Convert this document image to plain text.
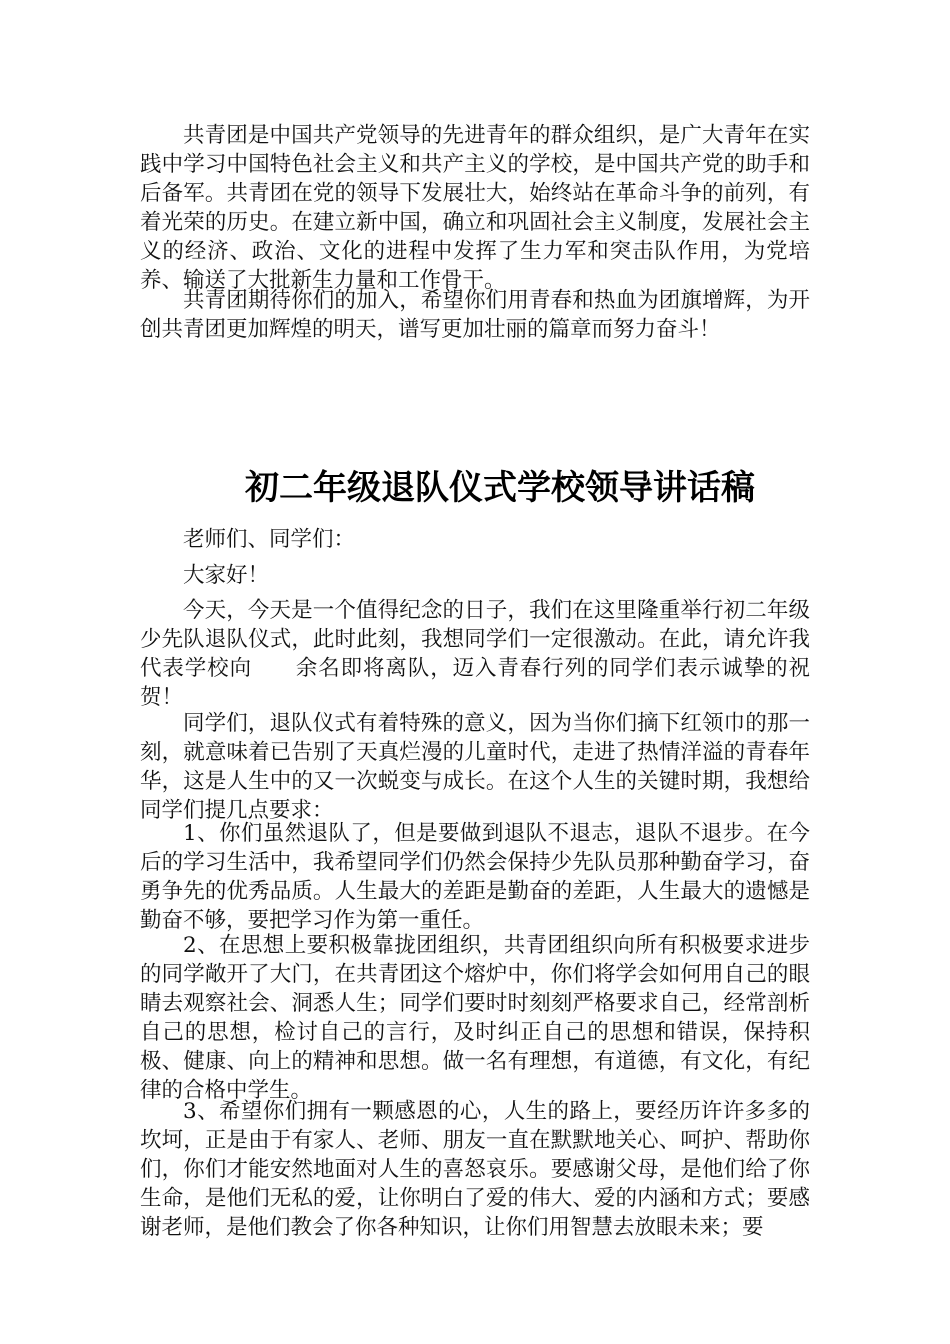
共青团是中国共产党领导的先进青年的群众组织，是广大青年在实践中学习中国特色社会主义和共产主义的学校，是中国共产党的助手和后备军。共青团在党的领导下发展壮大，始终站在革命斗争的前列，有着光荣的历史。在建立新中国，确立和巩固社会主义制度，发展社会主义的经济、政治、文化的进程中发挥了生力军和突击队作用，为党培养、输送了大批新生力量和工作骨干。

共青团期待你们的加入，希望你们用青春和热血为团旗增辉，为开创共青团更加辉煌的明天，谱写更加壮丽的篇章而努力奋斗！

初二年级退队仪式学校领导讲话稿

老师们、同学们：

大家好！

今天，今天是一个值得纪念的日子，我们在这里隆重举行初二年级少先队退队仪式，此时此刻，我想同学们一定很激动。在此，请允许我代表学校向 余名即将离队，迈入青春行列的同学们表示诚挚的祝贺！

同学们，退队仪式有着特殊的意义，因为当你们摘下红领巾的那一刻，就意味着已告别了天真烂漫的儿童时代，走进了热情洋溢的青春年华，这是人生中的又一次蜕变与成长。在这个人生的关键时期，我想给同学们提几点要求：

1、你们虽然退队了，但是要做到退队不退志，退队不退步。在今后的学习生活中，我希望同学们仍然会保持少先队员那种勤奋学习，奋勇争先的优秀品质。人生最大的差距是勤奋的差距，人生最大的遗憾是勤奋不够，要把学习作为第一重任。

2、在思想上要积极靠拢团组织，共青团组织向所有积极要求进步的同学敞开了大门，在共青团这个熔炉中，你们将学会如何用自己的眼睛去观察社会、洞悉人生；同学们要时时刻刻严格要求自己，经常剖析自己的思想，检讨自己的言行，及时纠正自己的思想和错误，保持积极、健康、向上的精神和思想。做一名有理想，有道德，有文化，有纪律的合格中学生。

3、希望你们拥有一颗感恩的心，人生的路上，要经历许许多多的坎坷，正是由于有家人、老师、朋友一直在默默地关心、呵护、帮助你们，你们才能安然地面对人生的喜怒哀乐。要感谢父母，是他们给了你生命，是他们无私的爱，让你明白了爱的伟大、爱的内涵和方式；要感谢老师，是他们教会了你各种知识，让你们用智慧去放眼未来；要
